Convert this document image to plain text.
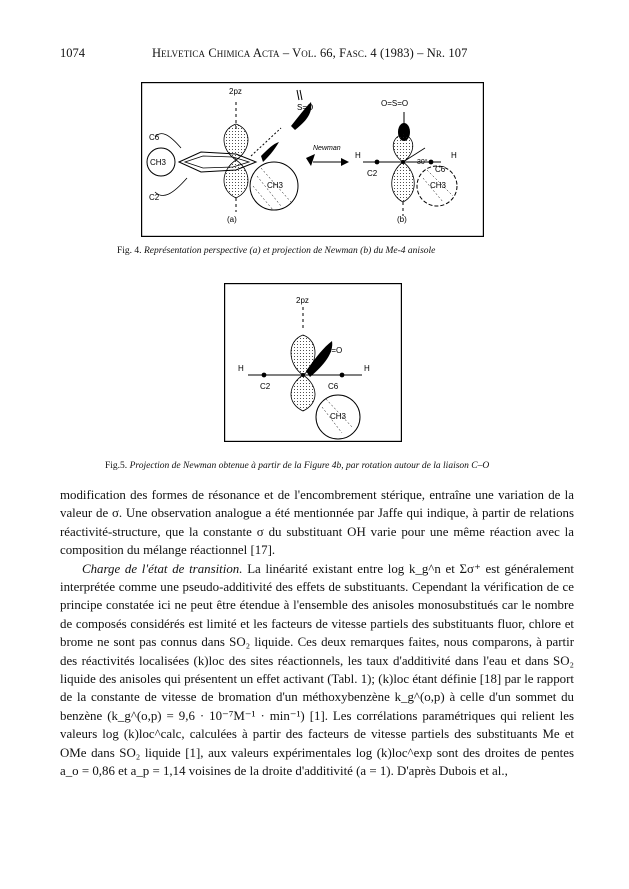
1074	Helvetica Chimica Acta – Vol. 66, Fasc. 4 (1983) – Nr. 107
2pz
S=O	O=S=O
C6
C2
CH3
CH3
Newman
H	H
C2	C6
30°
CH3
(a)	(b)
Fig. 4. Représentation perspective (a) et projection de Newman (b) du Me-4 anisole
2pz
S=O
H	H
C2	C6
CH3
Fig.5. Projection de Newman obtenue à partir de la Figure 4b, par rotation autour de la liaison C–O

modification des formes de résonance et de l'encombrement stérique, entraîne une variation de la valeur de σ. Une observation analogue a été mentionnée par Jaffe qui indique, à partir de relations réactivité-structure, que la constante σ du substituant OH varie pour une même réaction avec la composition du mélange réactionnel [17].

Charge de l'état de transition. La linéarité existant entre log k_g^n et Σσ⁺ est généralement interprétée comme une pseudo-additivité des effets de substituants. Cependant la vérification de ce principe constatée ici ne peut être étendue à l'ensemble des anisoles monosubstitués car le nombre de composés considérés est limité et les facteurs de vitesse partiels des substituants fluor, chlore et brome ne sont pas connus dans SO₂ liquide. Ces deux remarques faites, nous comparons, à partir des réactivités localisées (k)loc des sites réactionnels, les taux d'additivité dans l'eau et dans SO₂ liquide des anisoles qui présentent un effet activant (Tabl. 1); (k)loc étant définie [18] par le rapport de la constante de vitesse de bromation d'un méthoxybenzène k_g^(o,p) à celle d'un sommet du benzène (k_g^(o,p) = 9,6 · 10⁻⁷M⁻¹ · min⁻¹) [1]. Les corrélations paramétriques qui relient les valeurs log (k)loc^calc, calculées à partir des facteurs de vitesse partiels des substituants Me et OMe dans SO₂ liquide [1], aux valeurs expérimentales log (k)loc^exp sont des droites de pentes a_o = 0,86 et a_p = 1,14 voisines de la droite d'additivité (a = 1). D'après Dubois et al.,
